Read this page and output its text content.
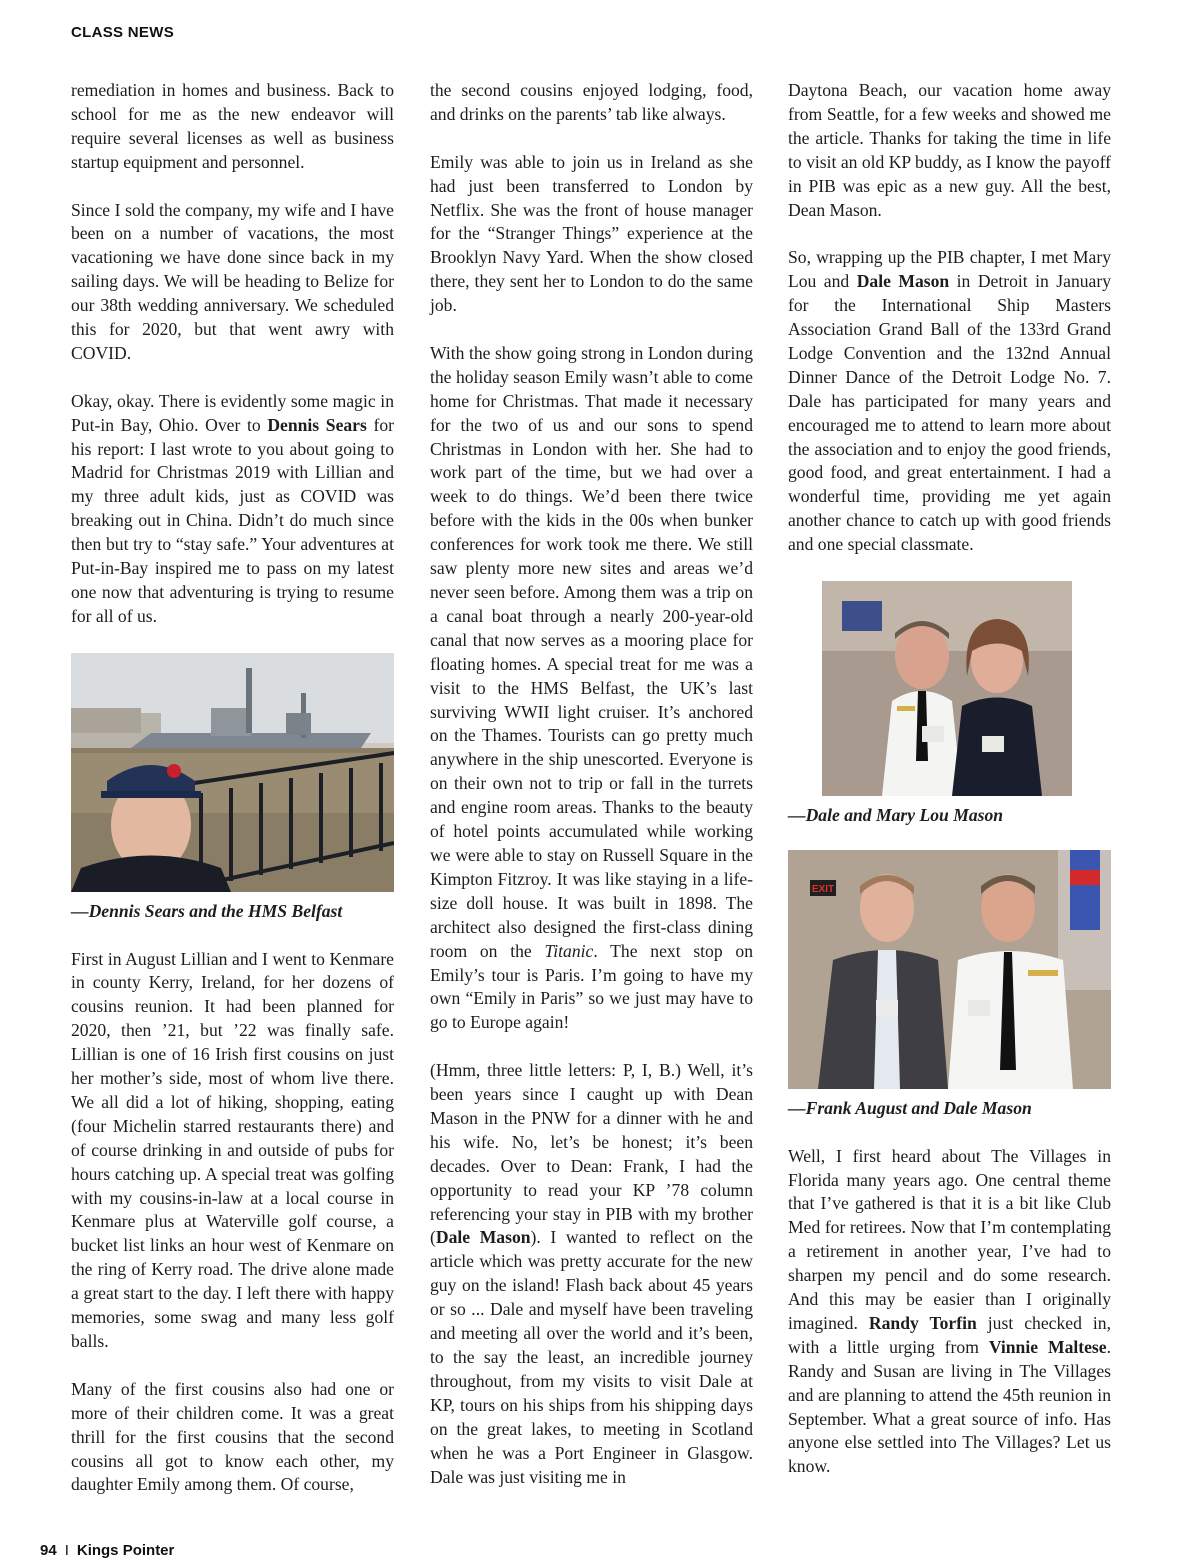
CLASS NEWS

remediation in homes and business. Back to school for me as the new endeavor will require several licenses as well as business startup equipment and personnel.

Since I sold the company, my wife and I have been on a number of vacations, the most vacationing we have done since back in my sailing days. We will be heading to Belize for our 38th wedding anniversary. We scheduled this for 2020, but that went awry with COVID.

Okay, okay. There is evidently some magic in Put-in Bay, Ohio. Over to Dennis Sears for his report: I last wrote to you about going to Madrid for Christmas 2019 with Lillian and my three adult kids, just as COVID was breaking out in China. Didn’t do much since then but try to “stay safe.” Your adventures at Put-in-Bay inspired me to pass on my latest one now that adventuring is trying to resume for all of us.

—Dennis Sears and the HMS Belfast

First in August Lillian and I went to Kenmare in county Kerry, Ireland, for her dozens of cousins reunion. It had been planned for 2020, then ’21, but ’22 was finally safe. Lillian is one of 16 Irish first cousins on just her mother’s side, most of whom live there. We all did a lot of hiking, shopping, eating (four Michelin starred restaurants there) and of course drinking in and outside of pubs for hours catching up. A special treat was golfing with my cousins-in-law at a local course in Kenmare plus at Waterville golf course, a bucket list links an hour west of Kenmare on the ring of Kerry road. The drive alone made a great start to the day. I left there with happy memories, some swag and many less golf balls.

Many of the first cousins also had one or more of their children come. It was a great thrill for the first cousins that the second cousins all got to know each other, my daughter Emily among them. Of course,

the second cousins enjoyed lodging, food, and drinks on the parents’ tab like always.

Emily was able to join us in Ireland as she had just been transferred to London by Netflix. She was the front of house manager for the “Stranger Things” experience at the Brooklyn Navy Yard. When the show closed there, they sent her to London to do the same job.

With the show going strong in London during the holiday season Emily wasn’t able to come home for Christmas. That made it necessary for the two of us and our sons to spend Christmas in London with her. She had to work part of the time, but we had over a week to do things. We’d been there twice before with the kids in the 00s when bunker conferences for work took me there. We still saw plenty more new sites and areas we’d never seen before. Among them was a trip on a canal boat through a nearly 200-year-old canal that now serves as a mooring place for floating homes. A special treat for me was a visit to the HMS Belfast, the UK’s last surviving WWII light cruiser. It’s anchored on the Thames. Tourists can go pretty much anywhere in the ship unescorted. Everyone is on their own not to trip or fall in the turrets and engine room areas. Thanks to the beauty of hotel points accumulated while working we were able to stay on Russell Square in the Kimpton Fitzroy. It was like staying in a life-size doll house. It was built in 1898. The architect also designed the first-class dining room on the Titanic. The next stop on Emily’s tour is Paris. I’m going to have my own “Emily in Paris” so we just may have to go to Europe again!

(Hmm, three little letters: P, I, B.) Well, it’s been years since I caught up with Dean Mason in the PNW for a dinner with he and his wife. No, let’s be honest; it’s been decades. Over to Dean: Frank, I had the opportunity to read your KP ’78 column referencing your stay in PIB with my brother (Dale Mason). I wanted to reflect on the article which was pretty accurate for the new guy on the island! Flash back about 45 years or so ... Dale and myself have been traveling and meeting all over the world and it’s been, to the say the least, an incredible journey throughout, from my visits to visit Dale at KP, tours on his ships from his shipping days on the great lakes, to meeting in Scotland when he was a Port Engineer in Glasgow. Dale was just visiting me in

Daytona Beach, our vacation home away from Seattle, for a few weeks and showed me the article. Thanks for taking the time in life to visit an old KP buddy, as I know the payoff in PIB was epic as a new guy. All the best, Dean Mason.

So, wrapping up the PIB chapter, I met Mary Lou and Dale Mason in Detroit in January for the International Ship Masters Association Grand Ball of the 133rd Grand Lodge Convention and the 132nd Annual Dinner Dance of the Detroit Lodge No. 7. Dale has participated for many years and encouraged me to attend to learn more about the association and to enjoy the good friends, good food, and great entertainment. I had a wonderful time, providing me yet again another chance to catch up with good friends and one special classmate.

—Dale and Mary Lou Mason

EXIT

—Frank August and Dale Mason

Well, I first heard about The Villages in Florida many years ago. One central theme that I’ve gathered is that it is a bit like Club Med for retirees. Now that I’m contemplating a retirement in another year, I’ve had to sharpen my pencil and do some research. And this may be easier than I originally imagined. Randy Torfin just checked in, with a little urging from Vinnie Maltese. Randy and Susan are living in The Villages and are planning to attend the 45th reunion in September. What a great source of info. Has anyone else settled into The Villages? Let us know.

94 I Kings Pointer
